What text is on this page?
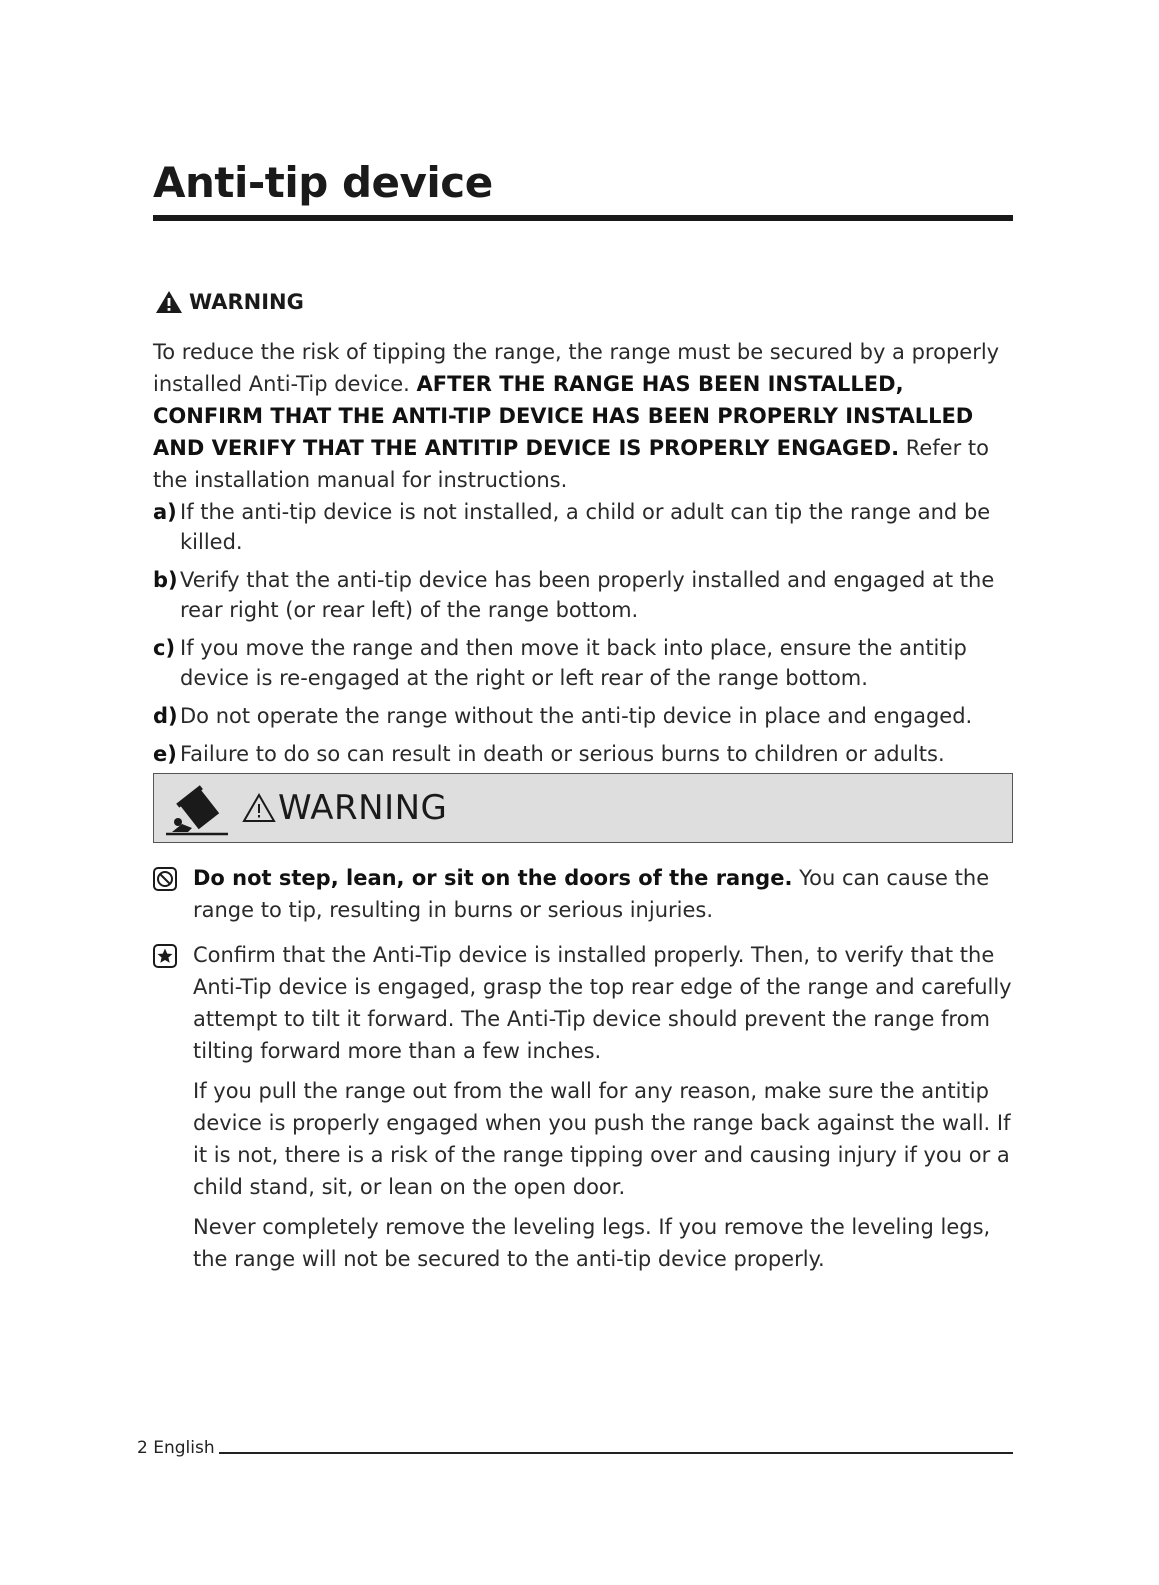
Anti-tip device
WARNING

To reduce the risk of tipping the range, the range must be secured by a properly installed Anti-Tip device. AFTER THE RANGE HAS BEEN INSTALLED, CONFIRM THAT THE ANTI-TIP DEVICE HAS BEEN PROPERLY INSTALLED AND VERIFY THAT THE ANTITIP DEVICE IS PROPERLY ENGAGED. Refer to the installation manual for instructions.

a) If the anti-tip device is not installed, a child or adult can tip the range and be killed.
b) Verify that the anti-tip device has been properly installed and engaged at the rear right (or rear left) of the range bottom.
c) If you move the range and then move it back into place, ensure the antitip device is re-engaged at the right or left rear of the range bottom.
d) Do not operate the range without the anti-tip device in place and engaged.
e) Failure to do so can result in death or serious burns to children or adults.
WARNING

Do not step, lean, or sit on the doors of the range. You can cause the range to tip, resulting in burns or serious injuries.

Confirm that the Anti-Tip device is installed properly. Then, to verify that the Anti-Tip device is engaged, grasp the top rear edge of the range and carefully attempt to tilt it forward. The Anti-Tip device should prevent the range from tilting forward more than a few inches.

If you pull the range out from the wall for any reason, make sure the antitip device is properly engaged when you push the range back against the wall. If it is not, there is a risk of the range tipping over and causing injury if you or a child stand, sit, or lean on the open door.

Never completely remove the leveling legs. If you remove the leveling legs, the range will not be secured to the anti-tip device properly.

2 English
